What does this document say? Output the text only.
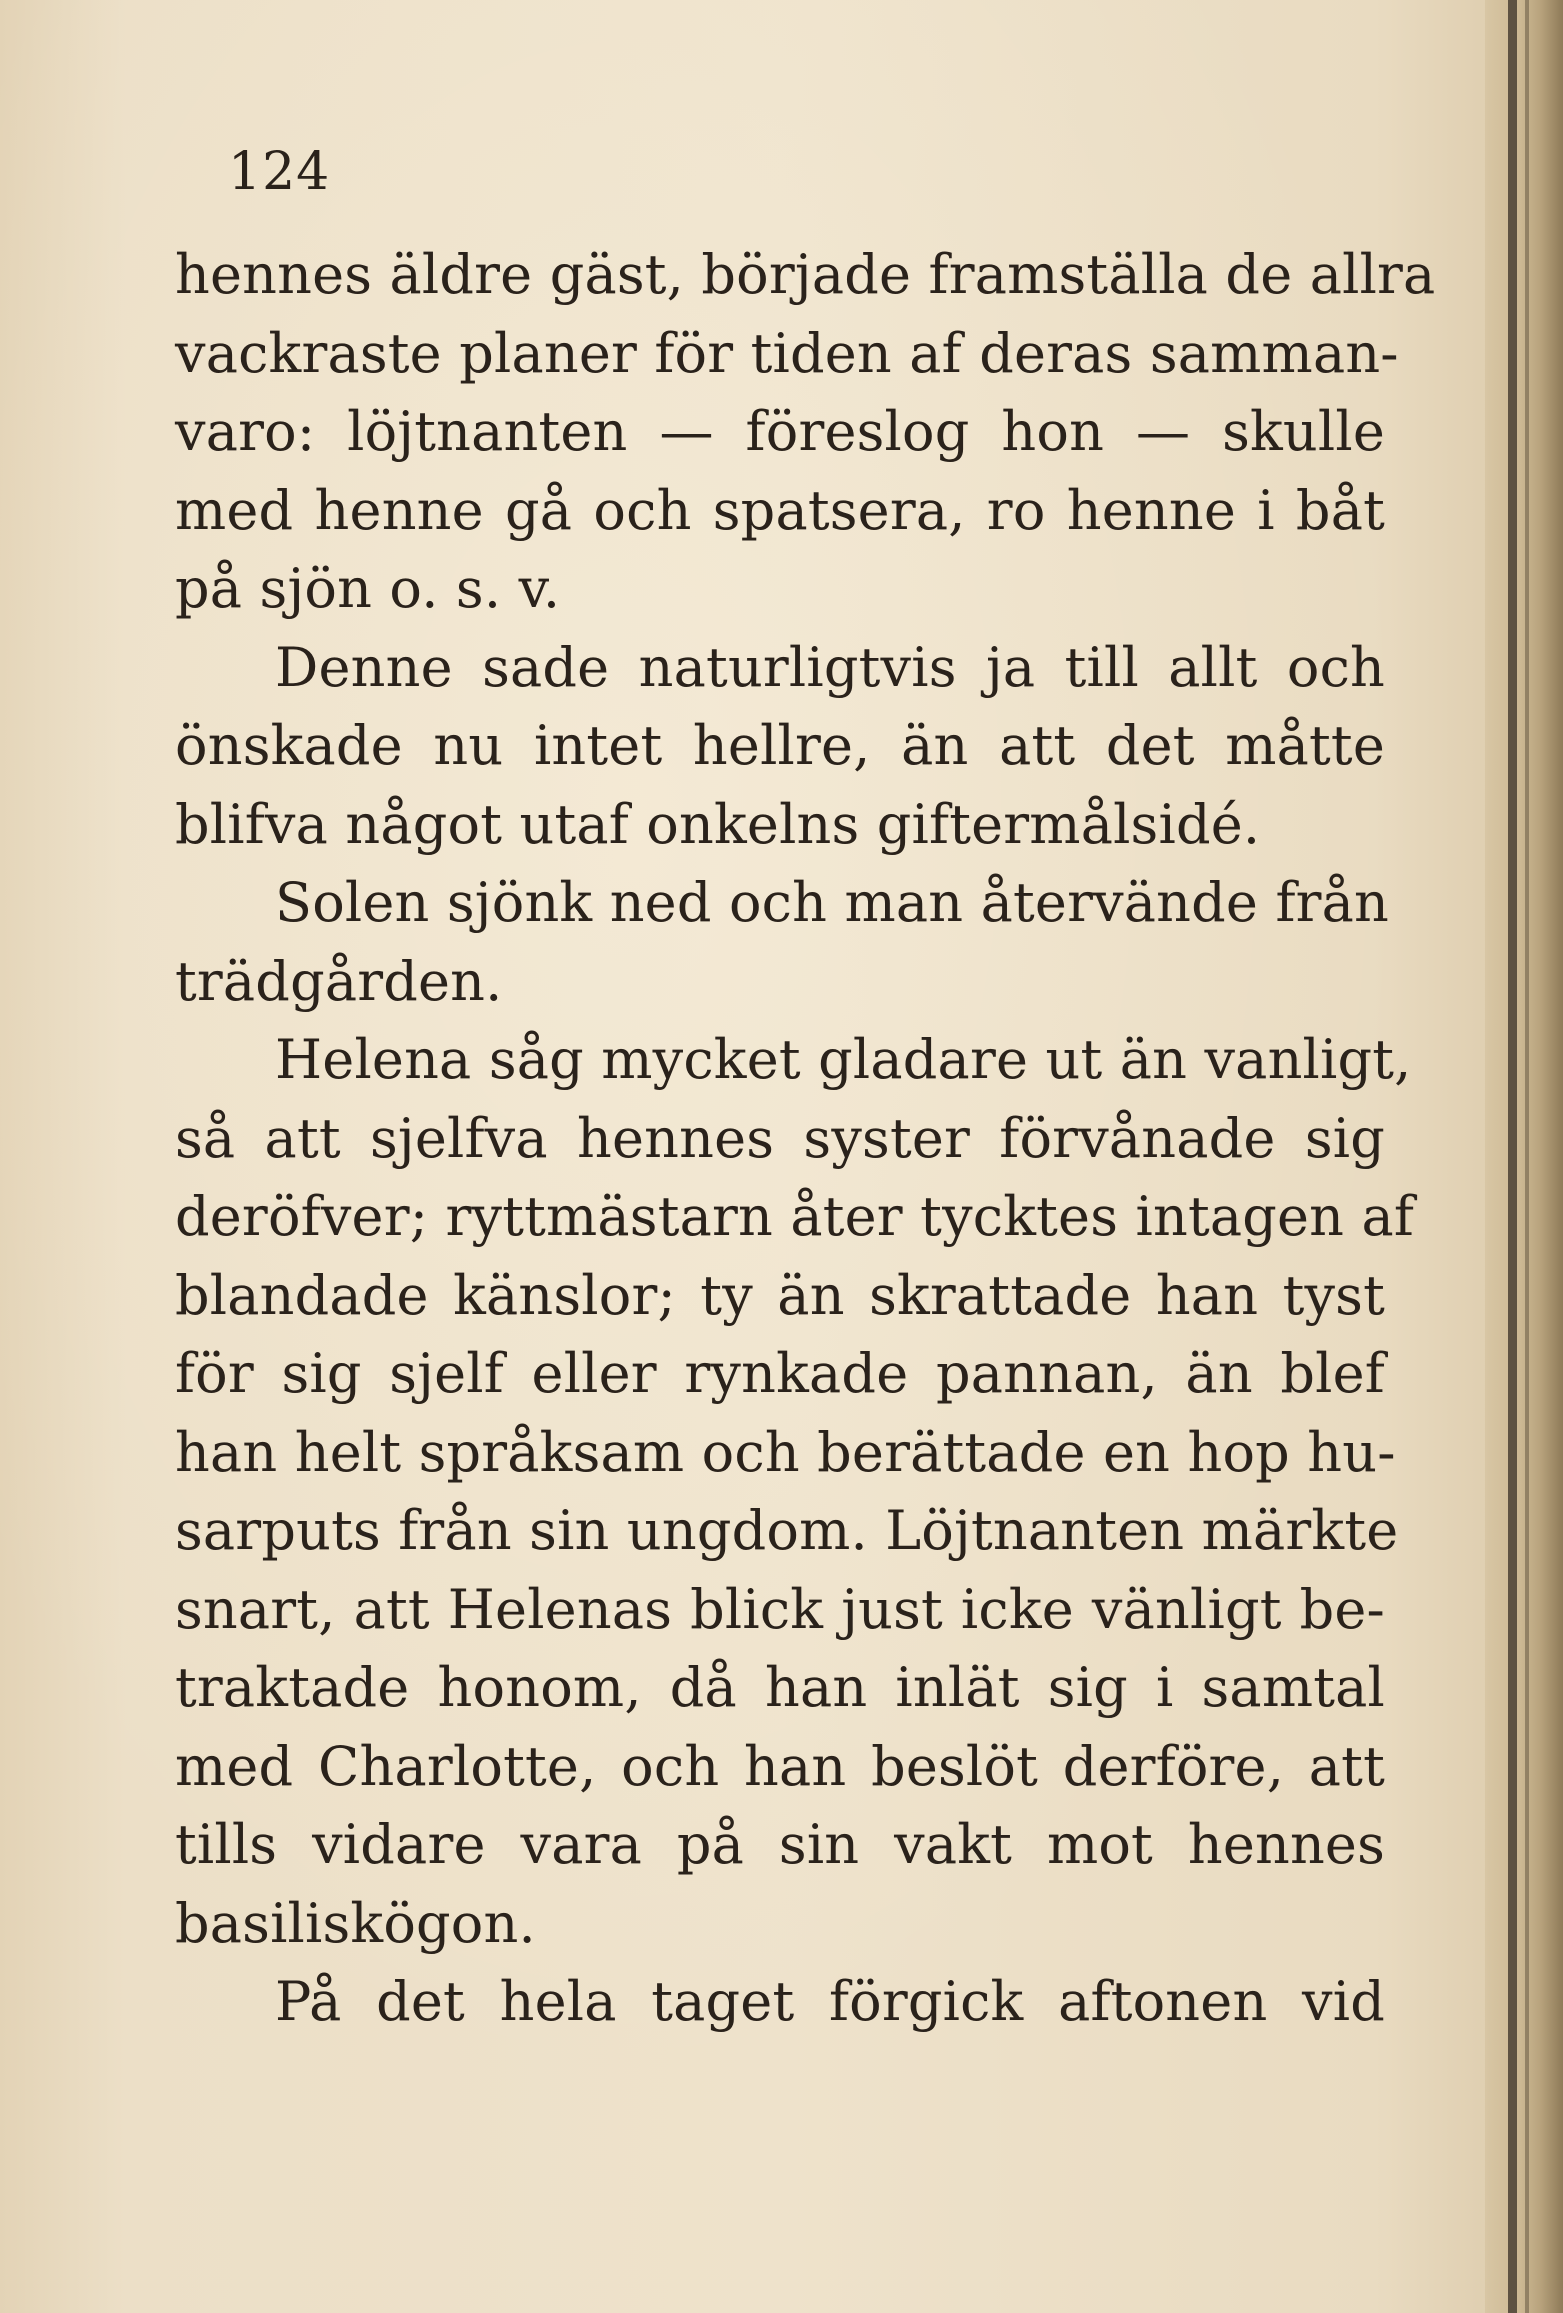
124
hennes äldre gäst, började framställa de allra
vackraste planer för tiden af deras samman-
varo: löjtnanten — föreslog hon — skulle
med henne gå och spatsera, ro henne i båt
på sjön o. s. v.
Denne sade naturligtvis ja till allt och
önskade nu intet hellre, än att det måtte
blifva något utaf onkelns giftermålsidé.
Solen sjönk ned och man återvände från
trädgården.
Helena såg mycket gladare ut än vanligt,
så att sjelfva hennes syster förvånade sig
deröfver; ryttmästarn åter tycktes intagen af
blandade känslor; ty än skrattade han tyst
för sig sjelf eller rynkade pannan, än blef
han helt språksam och berättade en hop hu-
sarputs från sin ungdom. Löjtnanten märkte
snart, att Helenas blick just icke vänligt be-
traktade honom, då han inlät sig i samtal
med Charlotte, och han beslöt derföre, att
tills vidare vara på sin vakt mot hennes
basiliskögon.
På det hela taget förgick aftonen vid
